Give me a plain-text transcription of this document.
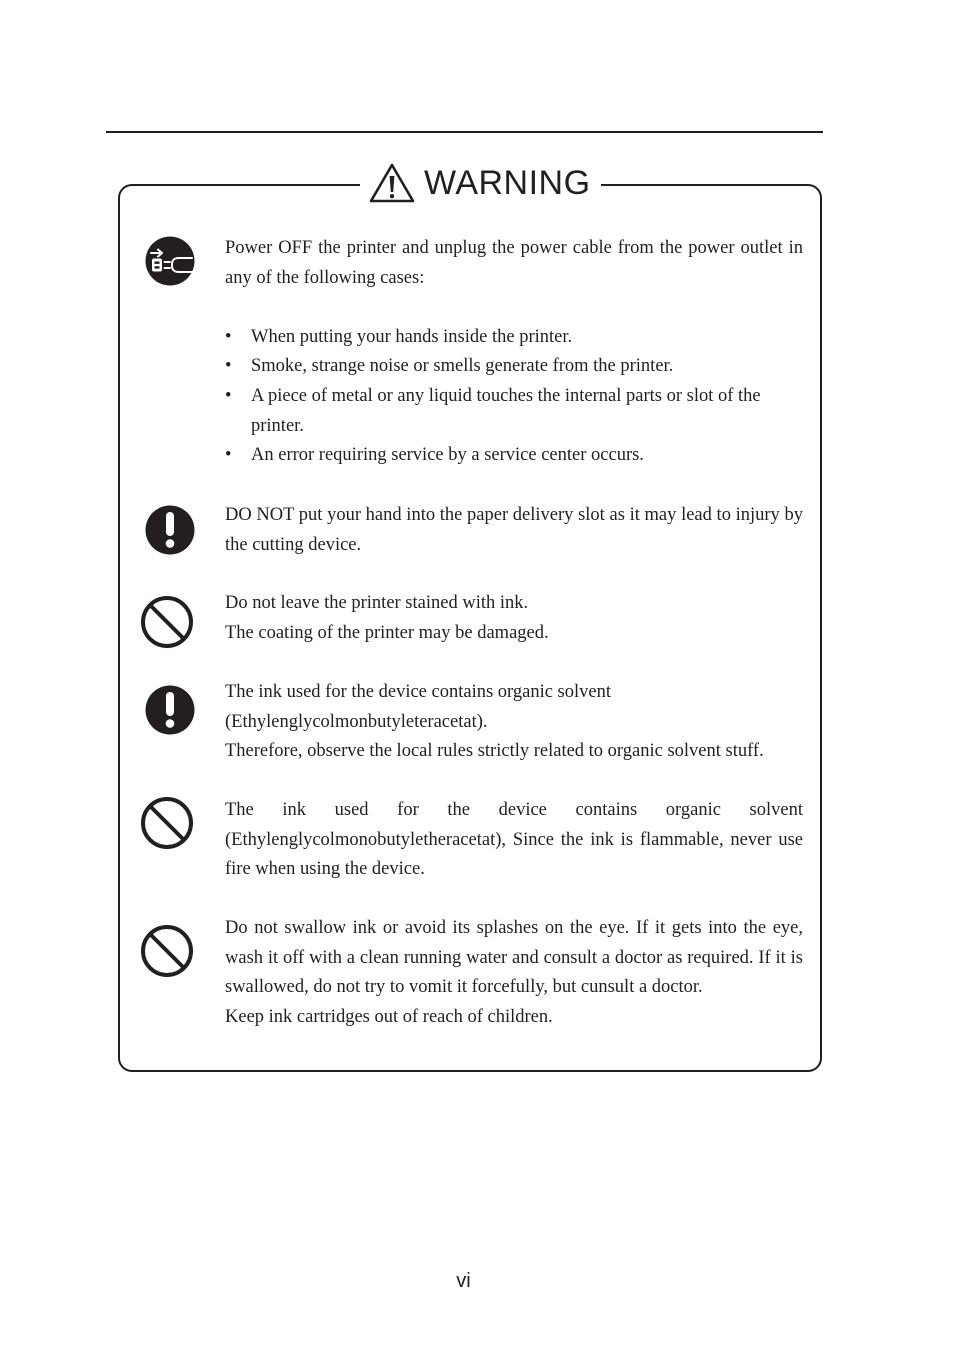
WARNING

Power OFF the printer and unplug the power cable from the power outlet in any of the following cases:

• When putting your hands inside the printer.
• Smoke, strange noise or smells generate from the printer.
• A piece of metal or any liquid touches the internal parts or slot of the printer.
• An error requiring service by a service center occurs.

DO NOT put your hand into the paper delivery slot as it may lead to injury by the cutting device.

Do not leave the printer stained with ink.

The coating of the printer may be damaged.

The ink used for the device contains organic solvent

(Ethylenglycolmonbutyleteracetat).

Therefore, observe the local rules strictly related to organic solvent stuff.

The ink used for the device contains organic solvent (Ethylenglycolmonobutyletheracetat), Since the ink is flammable, never use fire when using the device.

Do not swallow ink or avoid its splashes on the eye. If it gets into the eye, wash it off with a clean running water and consult a doctor as required. If it is swallowed, do not try to vomit it forcefully, but cunsult a doctor.

Keep ink cartridges out of reach of children.

vi
